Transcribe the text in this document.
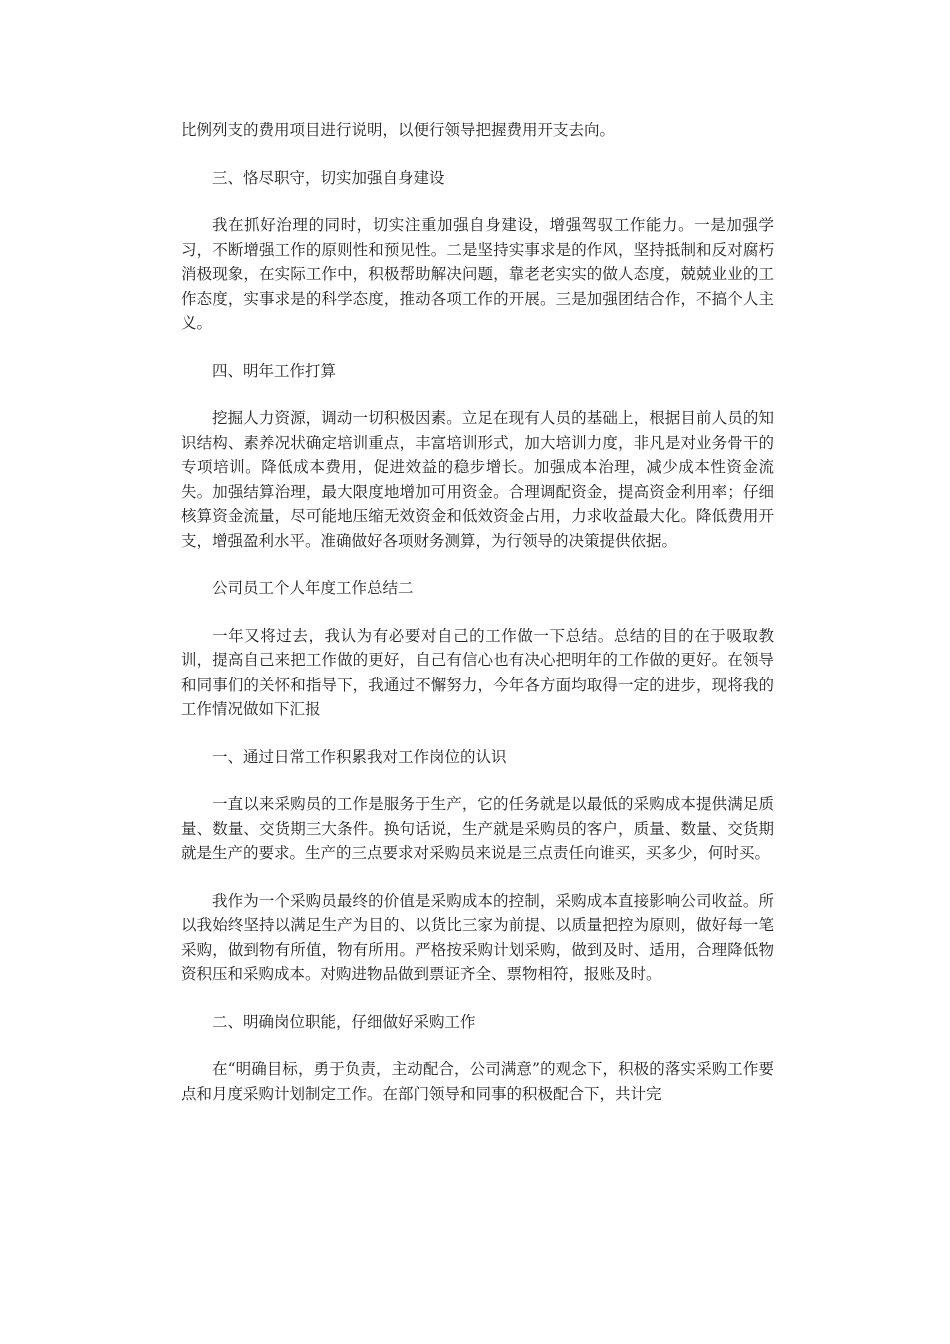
比例列支的费用项目进行说明，以便行领导把握费用开支去向。

三、恪尽职守，切实加强自身建设

我在抓好治理的同时，切实注重加强自身建设，增强驾驭工作能力。一是加强学习，不断增强工作的原则性和预见性。二是坚持实事求是的作风，坚持抵制和反对腐朽消极现象，在实际工作中，积极帮助解决问题，靠老老实实的做人态度，兢兢业业的工作态度，实事求是的科学态度，推动各项工作的开展。三是加强团结合作，不搞个人主义。

四、明年工作打算

挖掘人力资源，调动一切积极因素。立足在现有人员的基础上，根据目前人员的知识结构、素养况状确定培训重点，丰富培训形式，加大培训力度，非凡是对业务骨干的专项培训。降低成本费用，促进效益的稳步增长。加强成本治理，减少成本性资金流失。加强结算治理，最大限度地增加可用资金。合理调配资金，提高资金利用率；仔细核算资金流量，尽可能地压缩无效资金和低效资金占用，力求收益最大化。降低费用开支，增强盈利水平。准确做好各项财务测算，为行领导的决策提供依据。

公司员工个人年度工作总结二

一年又将过去，我认为有必要对自己的工作做一下总结。总结的目的在于吸取教训，提高自己来把工作做的更好，自己有信心也有决心把明年的工作做的更好。在领导和同事们的关怀和指导下，我通过不懈努力，今年各方面均取得一定的进步，现将我的工作情况做如下汇报

一、通过日常工作积累我对工作岗位的认识

一直以来采购员的工作是服务于生产，它的任务就是以最低的采购成本提供满足质量、数量、交货期三大条件。换句话说，生产就是采购员的客户，质量、数量、交货期就是生产的要求。生产的三点要求对采购员来说是三点责任向谁买，买多少，何时买。

我作为一个采购员最终的价值是采购成本的控制，采购成本直接影响公司收益。所以我始终坚持以满足生产为目的、以货比三家为前提、以质量把控为原则，做好每一笔采购，做到物有所值，物有所用。严格按采购计划采购，做到及时、适用，合理降低物资积压和采购成本。对购进物品做到票证齐全、票物相符，报账及时。

二、明确岗位职能，仔细做好采购工作

在“明确目标，勇于负责，主动配合，公司满意”的观念下，积极的落实采购工作要点和月度采购计划制定工作。在部门领导和同事的积极配合下，共计完
